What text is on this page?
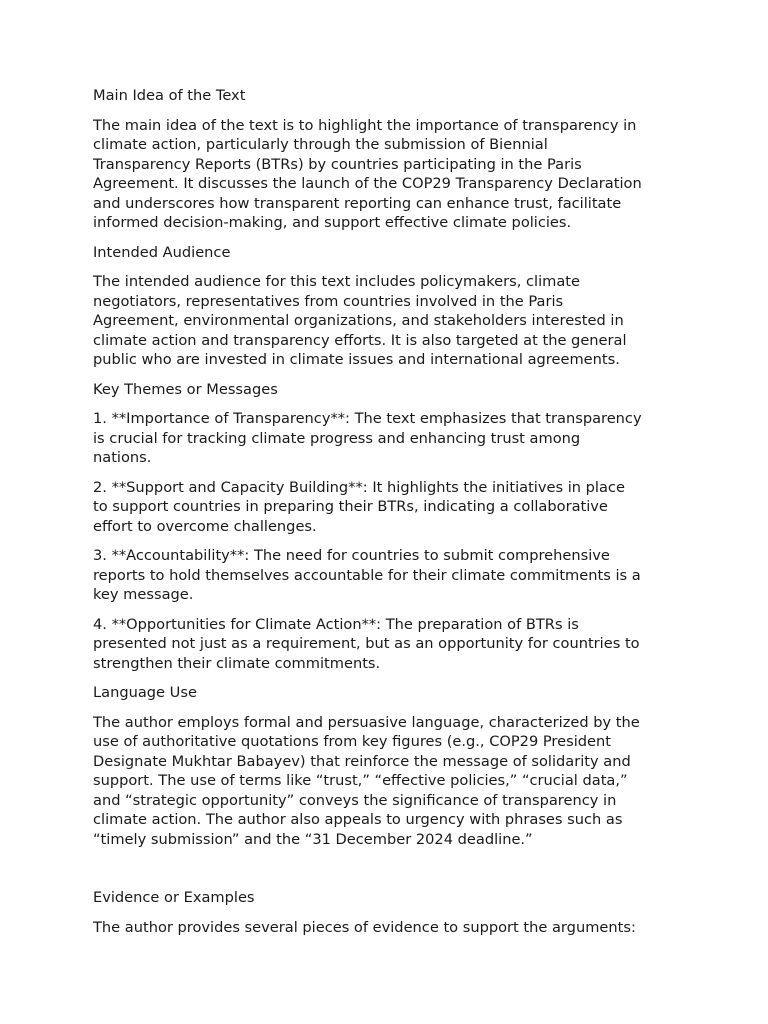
Main Idea of the Text
The main idea of the text is to highlight the importance of transparency in
climate action, particularly through the submission of Biennial
Transparency Reports (BTRs) by countries participating in the Paris
Agreement. It discusses the launch of the COP29 Transparency Declaration
and underscores how transparent reporting can enhance trust, facilitate
informed decision-making, and support effective climate policies.
Intended Audience
The intended audience for this text includes policymakers, climate
negotiators, representatives from countries involved in the Paris
Agreement, environmental organizations, and stakeholders interested in
climate action and transparency efforts. It is also targeted at the general
public who are invested in climate issues and international agreements.
Key Themes or Messages
1. **Importance of Transparency**: The text emphasizes that transparency
is crucial for tracking climate progress and enhancing trust among
nations.
2. **Support and Capacity Building**: It highlights the initiatives in place
to support countries in preparing their BTRs, indicating a collaborative
effort to overcome challenges.
3. **Accountability**: The need for countries to submit comprehensive
reports to hold themselves accountable for their climate commitments is a
key message.
4. **Opportunities for Climate Action**: The preparation of BTRs is
presented not just as a requirement, but as an opportunity for countries to
strengthen their climate commitments.
Language Use
The author employs formal and persuasive language, characterized by the
use of authoritative quotations from key figures (e.g., COP29 President
Designate Mukhtar Babayev) that reinforce the message of solidarity and
support. The use of terms like “trust,” “effective policies,” “crucial data,”
and “strategic opportunity” conveys the significance of transparency in
climate action. The author also appeals to urgency with phrases such as
“timely submission” and the “31 December 2024 deadline.”
Evidence or Examples
The author provides several pieces of evidence to support the arguments:
